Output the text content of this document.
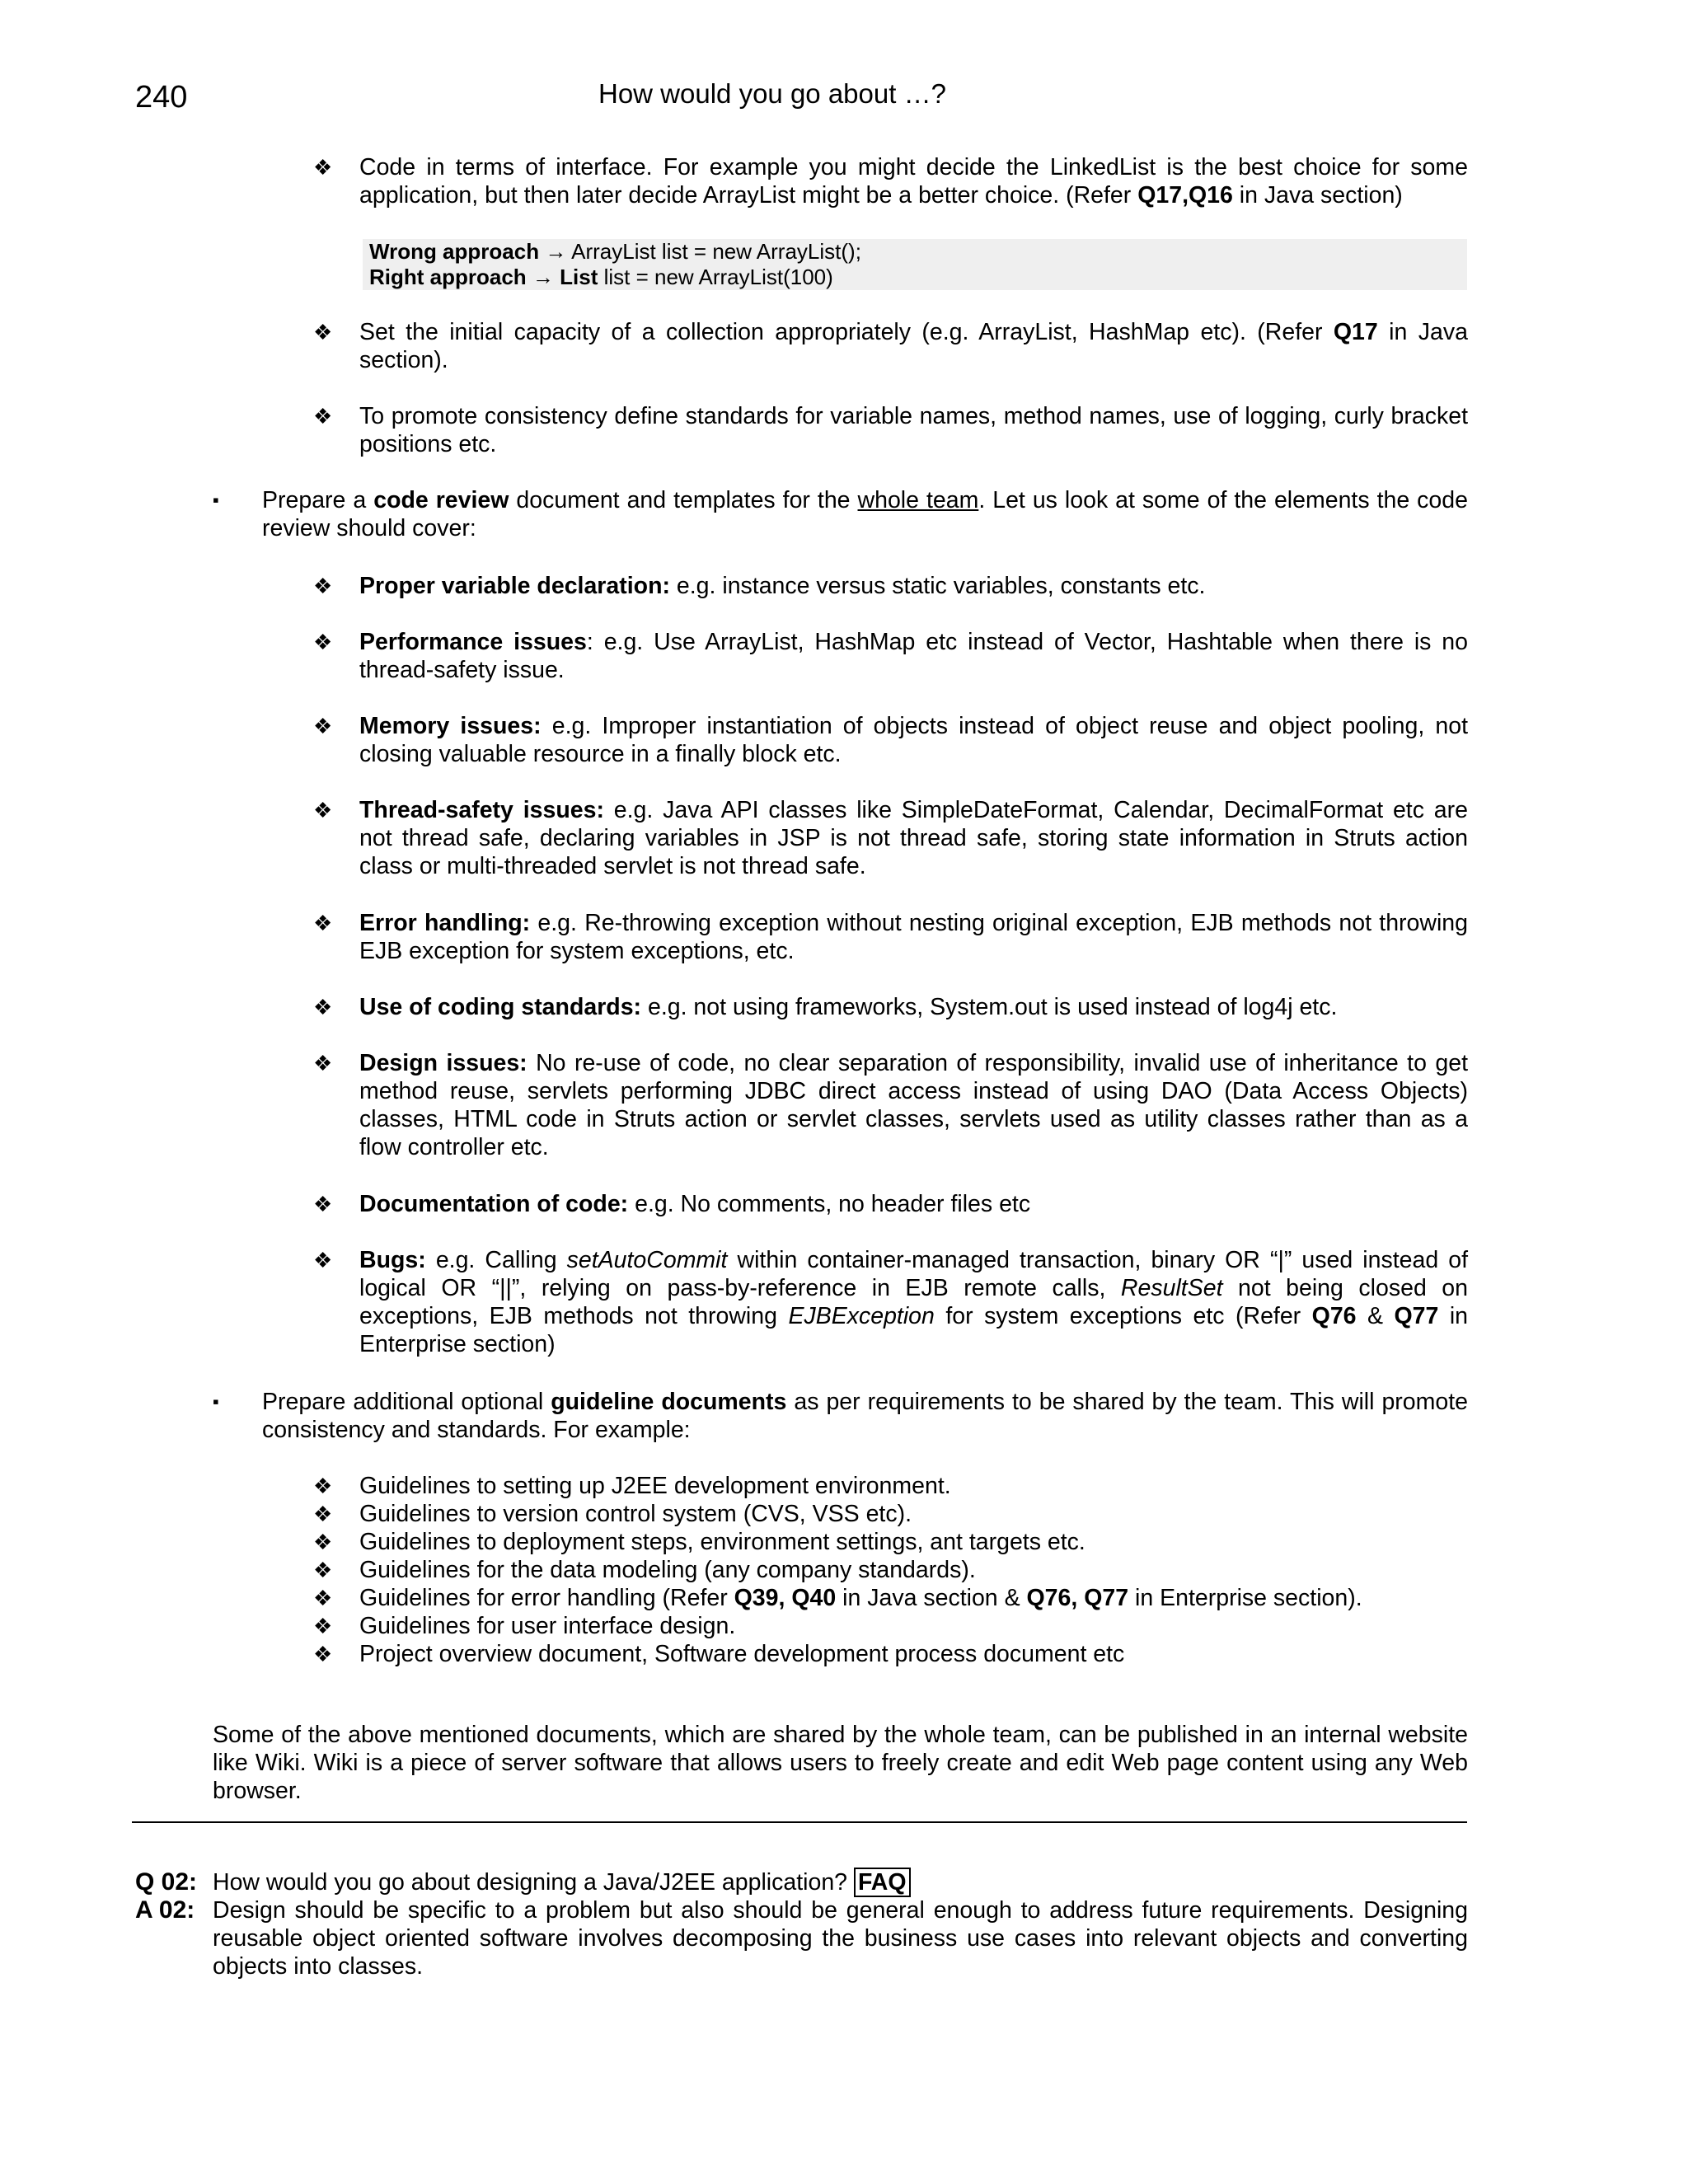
240	How would you go about …?
❖ Code in terms of interface. For example you might decide the LinkedList is the best choice for some application, but then later decide ArrayList might be a better choice. (Refer Q17,Q16 in Java section)
Wrong approach → ArrayList list = new ArrayList();
Right approach → List list = new ArrayList(100)
❖ Set the initial capacity of a collection appropriately (e.g. ArrayList, HashMap etc). (Refer Q17 in Java section).
❖ To promote consistency define standards for variable names, method names, use of logging, curly bracket positions etc.
▪ Prepare a code review document and templates for the whole team. Let us look at some of the elements the code review should cover:
❖ Proper variable declaration: e.g. instance versus static variables, constants etc.
❖ Performance issues: e.g. Use ArrayList, HashMap etc instead of Vector, Hashtable when there is no thread-safety issue.
❖ Memory issues: e.g. Improper instantiation of objects instead of object reuse and object pooling, not closing valuable resource in a finally block etc.
❖ Thread-safety issues: e.g. Java API classes like SimpleDateFormat, Calendar, DecimalFormat etc are not thread safe, declaring variables in JSP is not thread safe, storing state information in Struts action class or multi-threaded servlet is not thread safe.
❖ Error handling: e.g. Re-throwing exception without nesting original exception, EJB methods not throwing EJB exception for system exceptions, etc.
❖ Use of coding standards: e.g. not using frameworks, System.out is used instead of log4j etc.
❖ Design issues: No re-use of code, no clear separation of responsibility, invalid use of inheritance to get method reuse, servlets performing JDBC direct access instead of using DAO (Data Access Objects) classes, HTML code in Struts action or servlet classes, servlets used as utility classes rather than as a flow controller etc.
❖ Documentation of code: e.g. No comments, no header files etc
❖ Bugs: e.g. Calling setAutoCommit within container-managed transaction, binary OR “|” used instead of logical OR “||”, relying on pass-by-reference in EJB remote calls, ResultSet not being closed on exceptions, EJB methods not throwing EJBException for system exceptions etc (Refer Q76 & Q77 in Enterprise section)
▪ Prepare additional optional guideline documents as per requirements to be shared by the team. This will promote consistency and standards. For example:
❖ Guidelines to setting up J2EE development environment.
❖ Guidelines to version control system (CVS, VSS etc).
❖ Guidelines to deployment steps, environment settings, ant targets etc.
❖ Guidelines for the data modeling (any company standards).
❖ Guidelines for error handling (Refer Q39, Q40 in Java section & Q76, Q77 in Enterprise section).
❖ Guidelines for user interface design.
❖ Project overview document, Software development process document etc
Some of the above mentioned documents, which are shared by the whole team, can be published in an internal website like Wiki. Wiki is a piece of server software that allows users to freely create and edit Web page content using any Web browser.
Q 02: How would you go about designing a Java/J2EE application? FAQ
A 02: Design should be specific to a problem but also should be general enough to address future requirements. Designing reusable object oriented software involves decomposing the business use cases into relevant objects and converting objects into classes.
